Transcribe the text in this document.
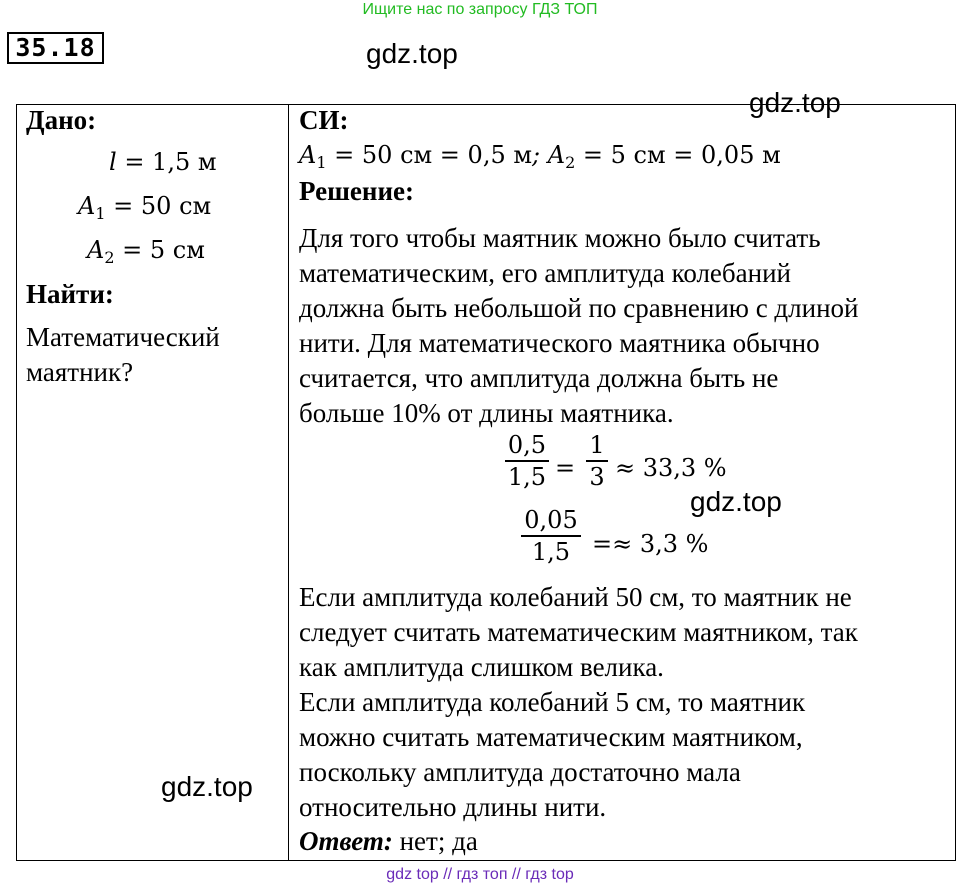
Ищите нас по запросу ГДЗ ТОП
35.18	gdz.top
gdz.top
gdz.top
gdz.top
Дано:
l = 1,5 м
$A_1 = 50$ см
$A_2 = 5$ см
Найти:
Математический
маятник?
СИ:
$A_1 = 50$ см = 0,5 м; $A_2 = 5$ см = 0,05 м
Решение:
Для того чтобы маятник можно было считать
математическим, его амплитуда колебаний
должна быть небольшой по сравнению с длиной
нити. Для математического маятника обычно
считается, что амплитуда должна быть не
больше 10% от длины маятника.
0,5
1,5 =
1
3 ≈ 33,3 %
0,05
1,5 =≈ 3,3 %
Если амплитуда колебаний 50 см, то маятник не
следует считать математическим маятником, так
как амплитуда слишком велика.
Если амплитуда колебаний 5 см, то маятник
можно считать математическим маятником,
поскольку амплитуда достаточно мала
относительно длины нити.
Ответ: нет; да
gdz top // гдз топ // гдз top
